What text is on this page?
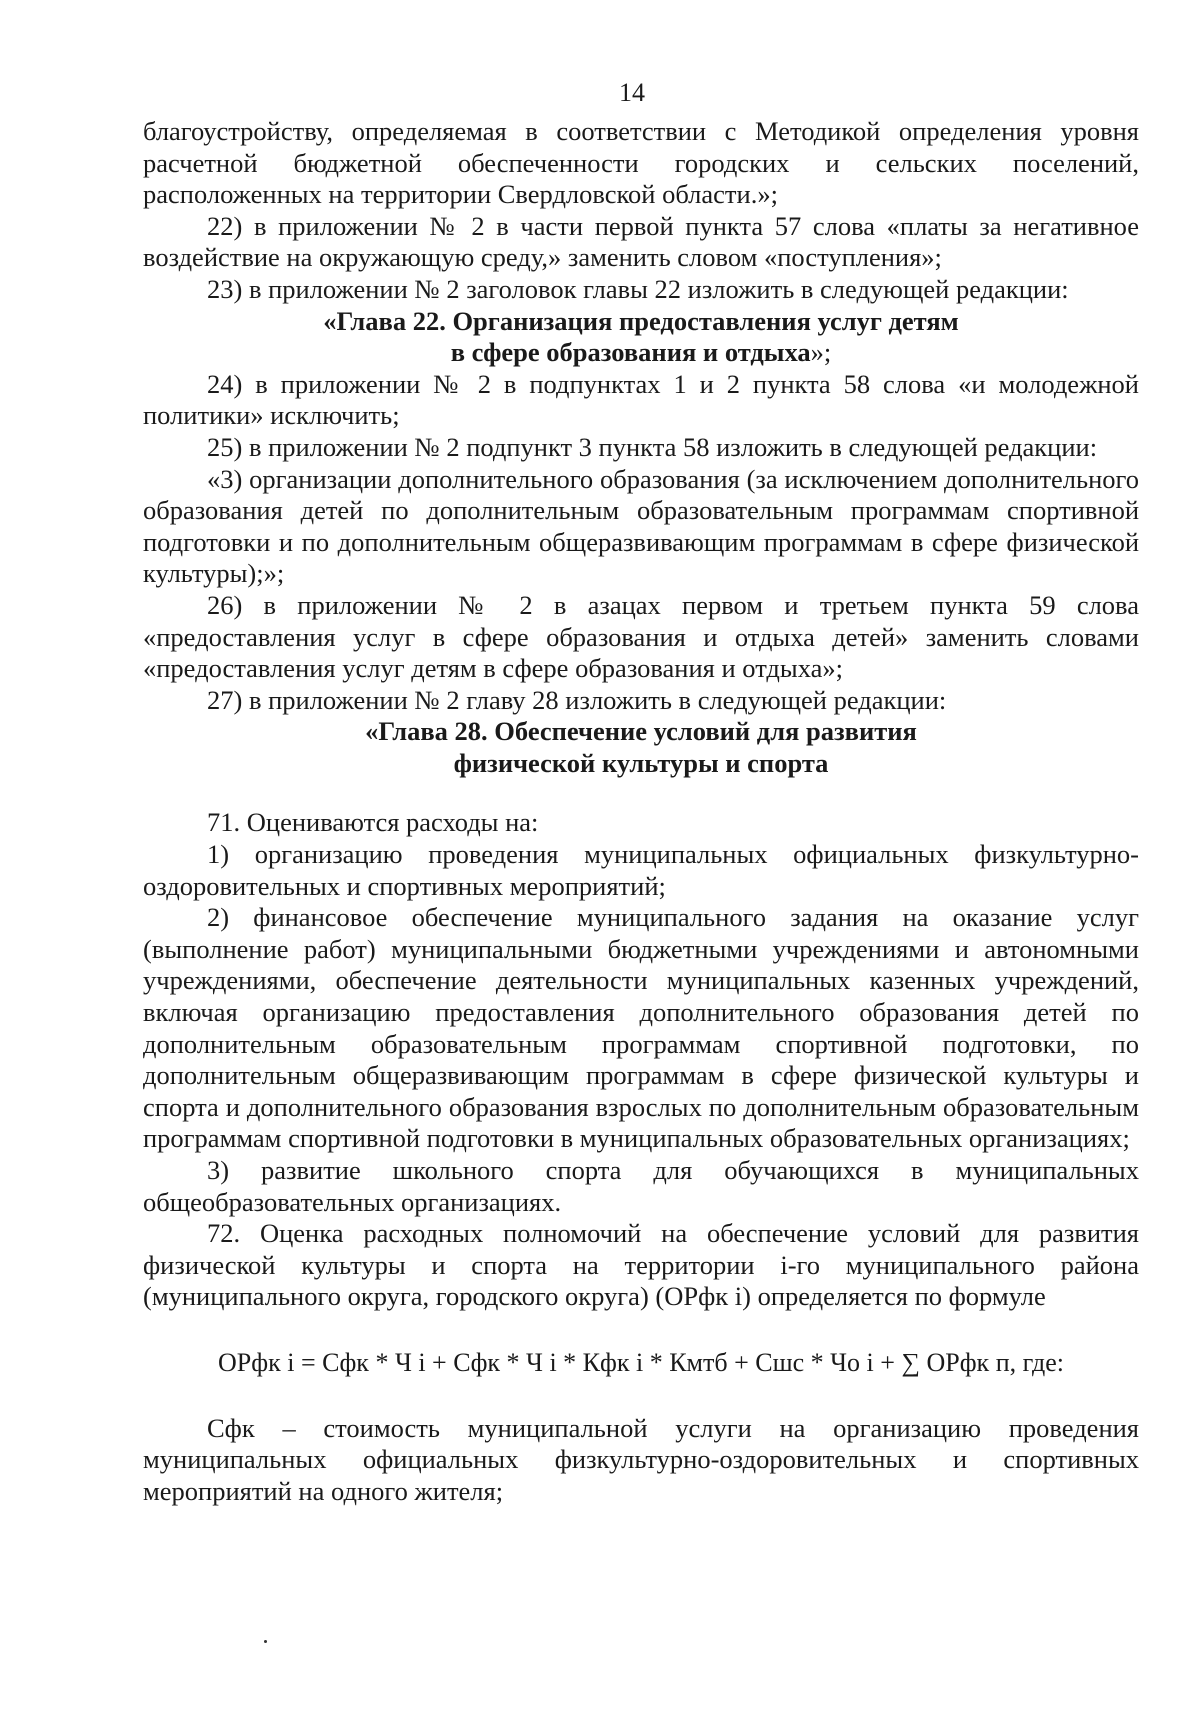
14

благоустройству, определяемая в соответствии с Методикой определения уровня расчетной бюджетной обеспеченности городских и сельских поселений, расположенных на территории Свердловской области.»;

22) в приложении № 2 в части первой пункта 57 слова «платы за негативное воздействие на окружающую среду,» заменить словом «поступления»;

23) в приложении № 2 заголовок главы 22 изложить в следующей редакции:

«Глава 22. Организация предоставления услуг детям
в сфере образования и отдыха»;

24) в приложении № 2 в подпунктах 1 и 2 пункта 58 слова «и молодежной политики» исключить;

25) в приложении № 2 подпункт 3 пункта 58 изложить в следующей редакции:

«3) организации дополнительного образования (за исключением дополнительного образования детей по дополнительным образовательным программам спортивной подготовки и по дополнительным общеразвивающим программам в сфере физической культуры);»;

26) в приложении № 2 в азацах первом и третьем пункта 59 слова «предоставления услуг в сфере образования и отдыха детей» заменить словами «предоставления услуг детям в сфере образования и отдыха»;

27) в приложении № 2 главу 28 изложить в следующей редакции:

«Глава 28. Обеспечение условий для развития
физической культуры и спорта

71. Оцениваются расходы на:

1) организацию проведения муниципальных официальных физкультурно-оздоровительных и спортивных мероприятий;

2) финансовое обеспечение муниципального задания на оказание услуг (выполнение работ) муниципальными бюджетными учреждениями и автономными учреждениями, обеспечение деятельности муниципальных казенных учреждений, включая организацию предоставления дополнительного образования детей по дополнительным образовательным программам спортивной подготовки, по дополнительным общеразвивающим программам в сфере физической культуры и спорта и дополнительного образования взрослых по дополнительным образовательным программам спортивной подготовки в муниципальных образовательных организациях;

3) развитие школьного спорта для обучающихся в муниципальных общеобразовательных организациях.

72. Оценка расходных полномочий на обеспечение условий для развития физической культуры и спорта на территории i-го муниципального района (муниципального округа, городского округа) (ОРфк i) определяется по формуле

ОРфк i = Сфк * Ч i + Сфк * Ч i * Кфк i * Кмтб + Сшс * Чо i + ∑ ОРфк п, где:

Сфк – стоимость муниципальной услуги на организацию проведения муниципальных официальных физкультурно-оздоровительных и спортивных мероприятий на одного жителя;
